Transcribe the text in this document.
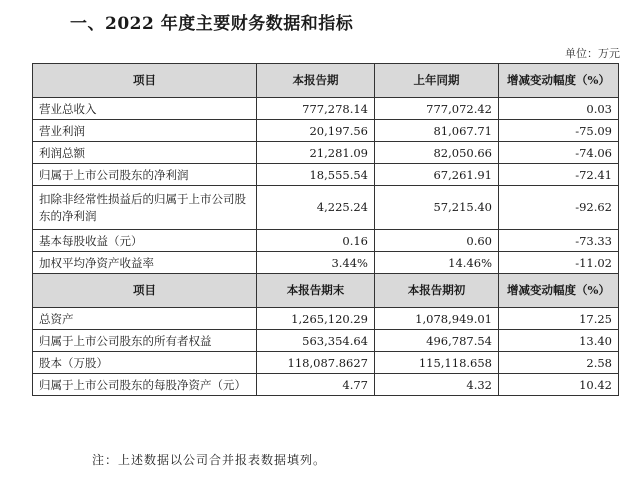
一、2022 年度主要财务数据和指标
单位：万元
项目	本报告期	上年同期	增减变动幅度（%）
营业总收入	777,278.14	777,072.42	0.03
营业利润	20,197.56	81,067.71	-75.09
利润总额	21,281.09	82,050.66	-74.06
归属于上市公司股东的净利润	18,555.54	67,261.91	-72.41
扣除非经常性损益后的归属于上市公司股东的净利润	4,225.24	57,215.40	-92.62
基本每股收益（元）	0.16	0.60	-73.33
加权平均净资产收益率	3.44%	14.46%	-11.02
项目	本报告期末	本报告期初	增减变动幅度（%）
总资产	1,265,120.29	1,078,949.01	17.25
归属于上市公司股东的所有者权益	563,354.64	496,787.54	13.40
股本（万股）	118,087.8627	115,118.658	2.58
归属于上市公司股东的每股净资产（元）	4.77	4.32	10.42
注：上述数据以公司合并报表数据填列。
